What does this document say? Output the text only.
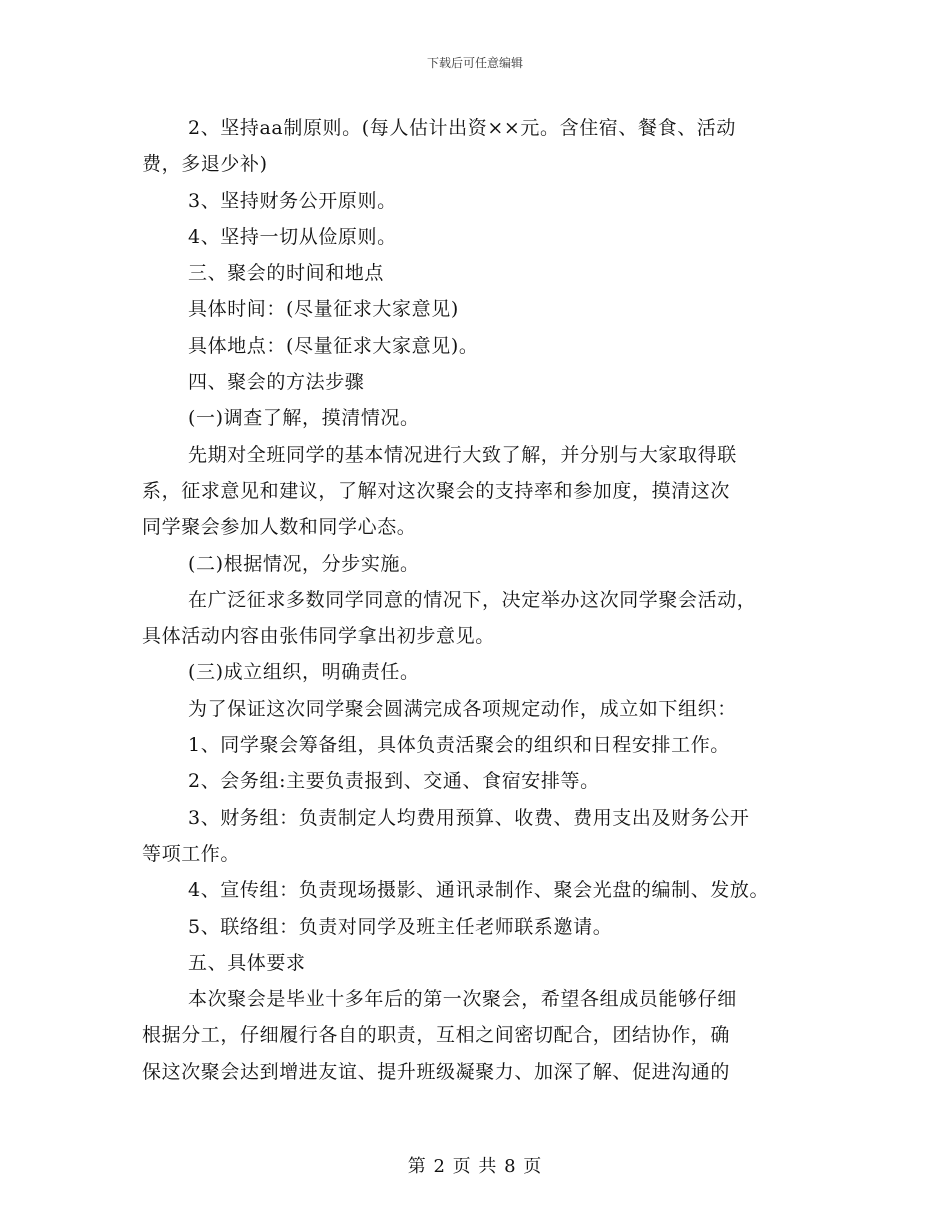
下载后可任意编辑
2、坚持aa制原则。(每人估计出资××元。含住宿、餐食、活动
费，多退少补)
3、坚持财务公开原则。
4、坚持一切从俭原则。
三、聚会的时间和地点
具体时间：(尽量征求大家意见)
具体地点：(尽量征求大家意见)。
四、聚会的方法步骤
(一)调查了解，摸清情况。
先期对全班同学的基本情况进行大致了解，并分别与大家取得联
系，征求意见和建议，了解对这次聚会的支持率和参加度，摸清这次
同学聚会参加人数和同学心态。
(二)根据情况，分步实施。
在广泛征求多数同学同意的情况下，决定举办这次同学聚会活动，
具体活动内容由张伟同学拿出初步意见。
(三)成立组织，明确责任。
为了保证这次同学聚会圆满完成各项规定动作，成立如下组织：
1、同学聚会筹备组，具体负责活聚会的组织和日程安排工作。
2、会务组:主要负责报到、交通、食宿安排等。
3、财务组：负责制定人均费用预算、收费、费用支出及财务公开
等项工作。
4、宣传组：负责现场摄影、通讯录制作、聚会光盘的编制、发放。
5、联络组：负责对同学及班主任老师联系邀请。
五、具体要求
本次聚会是毕业十多年后的第一次聚会，希望各组成员能够仔细
根据分工，仔细履行各自的职责，互相之间密切配合，团结协作，确
保这次聚会达到增进友谊、提升班级凝聚力、加深了解、促进沟通的
第 2 页 共 8 页
